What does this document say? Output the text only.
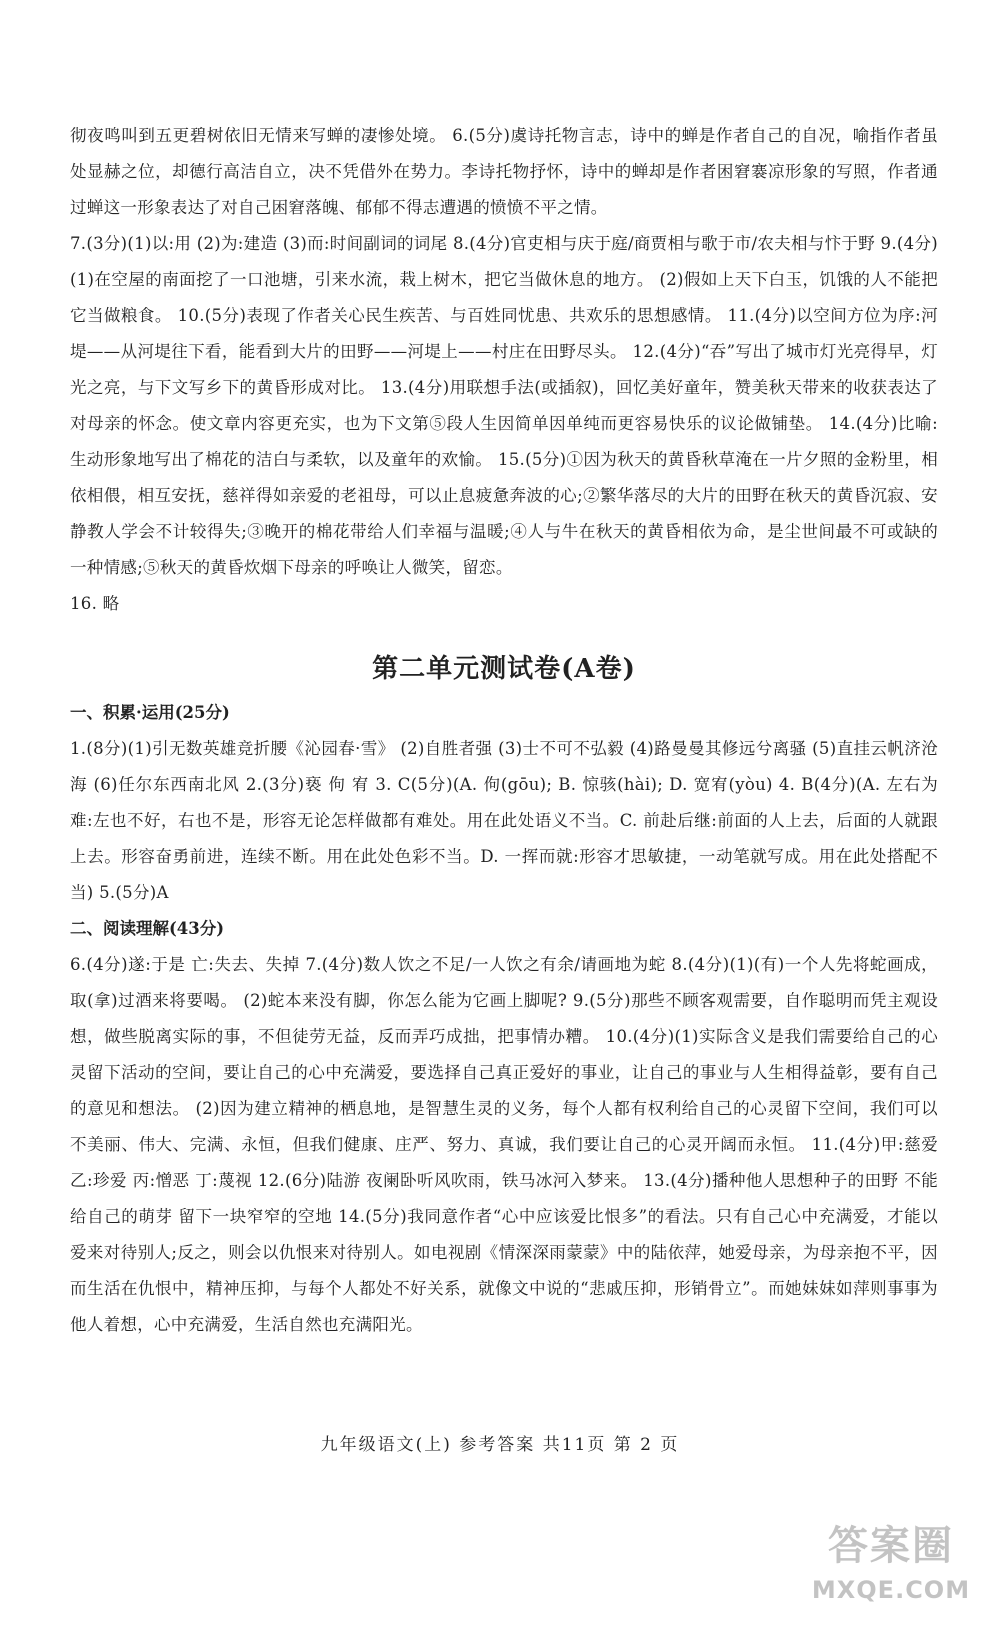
彻夜鸣叫到五更碧树依旧无情来写蝉的凄惨处境。 6.(5分)虞诗托物言志，诗中的蝉是作者自己的自况，喻指作者虽处显赫之位，却德行高洁自立，决不凭借外在势力。李诗托物抒怀，诗中的蝉却是作者困窘褰凉形象的写照，作者通过蝉这一形象表达了对自己困窘落魄、郁郁不得志遭遇的愤愤不平之情。

7.(3分)(1)以:用 (2)为:建造 (3)而:时间副词的词尾 8.(4分)官吏相与庆于庭/商贾相与歌于市/农夫相与忭于野 9.(4分)(1)在空屋的南面挖了一口池塘，引来水流，栽上树木，把它当做休息的地方。 (2)假如上天下白玉，饥饿的人不能把它当做粮食。 10.(5分)表现了作者关心民生疾苦、与百姓同忧患、共欢乐的思想感情。 11.(4分)以空间方位为序:河堤——从河堤往下看，能看到大片的田野——河堤上——村庄在田野尽头。 12.(4分)“吞”写出了城市灯光亮得早，灯光之亮，与下文写乡下的黄昏形成对比。 13.(4分)用联想手法(或插叙)，回忆美好童年，赞美秋天带来的收获表达了对母亲的怀念。使文章内容更充实，也为下文第⑤段人生因简单因单纯而更容易快乐的议论做铺垫。 14.(4分)比喻:生动形象地写出了棉花的洁白与柔软，以及童年的欢愉。 15.(5分)①因为秋天的黄昏秋草淹在一片夕照的金粉里，相依相偎，相互安抚，慈祥得如亲爱的老祖母，可以止息疲惫奔波的心;②繁华落尽的大片的田野在秋天的黄昏沉寂、安静教人学会不计较得失;③晚开的棉花带给人们幸福与温暖;④人与牛在秋天的黄昏相依为命，是尘世间最不可或缺的一种情感;⑤秋天的黄昏炊烟下母亲的呼唤让人微笑，留恋。

16. 略

第二单元测试卷(A卷)

一、积累·运用(25分)

1.(8分)(1)引无数英雄竞折腰《沁园春·雪》 (2)自胜者强 (3)士不可不弘毅 (4)路曼曼其修远兮离骚 (5)直挂云帆济沧海 (6)任尔东西南北风 2.(3分)亵 佝 宥 3. C(5分)(A. 佝(gōu); B. 惊骇(hài); D. 宽宥(yòu) 4. B(4分)(A. 左右为难:左也不好，右也不是，形容无论怎样做都有难处。用在此处语义不当。C. 前赴后继:前面的人上去，后面的人就跟上去。形容奋勇前进，连续不断。用在此处色彩不当。D. 一挥而就:形容才思敏捷，一动笔就写成。用在此处搭配不当) 5.(5分)A

二、阅读理解(43分)

6.(4分)遂:于是 亡:失去、失掉 7.(4分)数人饮之不足/一人饮之有余/请画地为蛇 8.(4分)(1)(有)一个人先将蛇画成，取(拿)过酒来将要喝。 (2)蛇本来没有脚，你怎么能为它画上脚呢? 9.(5分)那些不顾客观需要，自作聪明而凭主观设想，做些脱离实际的事，不但徒劳无益，反而弄巧成拙，把事情办糟。 10.(4分)(1)实际含义是我们需要给自己的心灵留下活动的空间，要让自己的心中充满爱，要选择自己真正爱好的事业，让自己的事业与人生相得益彰，要有自己的意见和想法。 (2)因为建立精神的栖息地，是智慧生灵的义务，每个人都有权利给自己的心灵留下空间，我们可以不美丽、伟大、完满、永恒，但我们健康、庄严、努力、真诚，我们要让自己的心灵开阔而永恒。 11.(4分)甲:慈爱 乙:珍爱 丙:憎恶 丁:蔑视 12.(6分)陆游 夜阑卧听风吹雨，铁马冰河入梦来。 13.(4分)播种他人思想种子的田野 不能给自己的萌芽 留下一块窄窄的空地 14.(5分)我同意作者“心中应该爱比恨多”的看法。只有自己心中充满爱，才能以爱来对待别人;反之，则会以仇恨来对待别人。如电视剧《情深深雨蒙蒙》中的陆依萍，她爱母亲，为母亲抱不平，因而生活在仇恨中，精神压抑，与每个人都处不好关系，就像文中说的“悲戚压抑，形销骨立”。而她妹妹如萍则事事为他人着想，心中充满爱，生活自然也充满阳光。

九年级语文(上) 参考答案 共11页 第 2 页
答案圈
MXQE.COM
